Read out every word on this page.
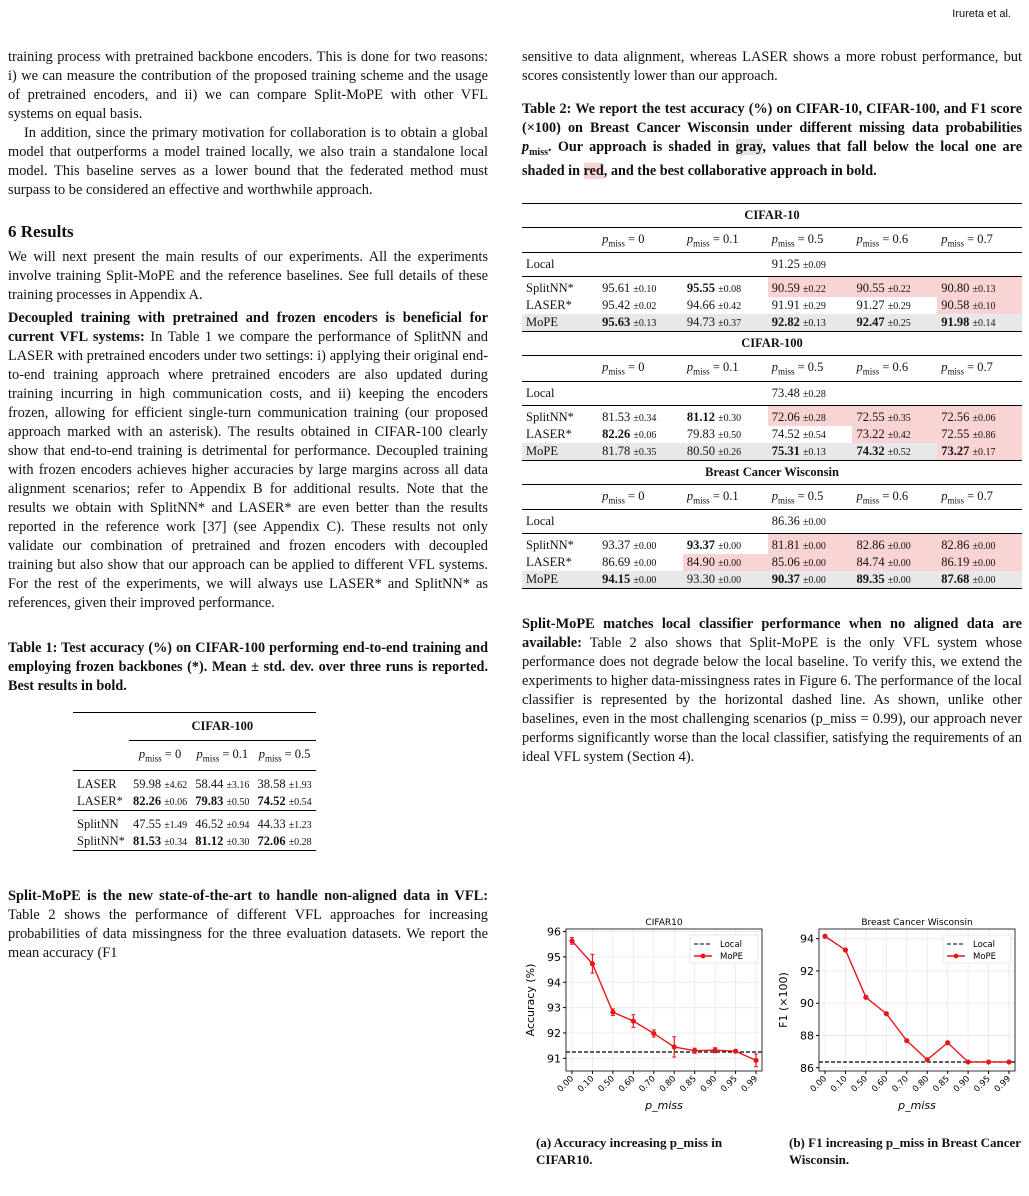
Irureta et al.

training process with pretrained backbone encoders. This is done for two reasons: i) we can measure the contribution of the proposed training scheme and the usage of pretrained encoders, and ii) we can compare Split-MoPE with other VFL systems on equal basis.

In addition, since the primary motivation for collaboration is to obtain a global model that outperforms a model trained locally, we also train a standalone local model. This baseline serves as a lower bound that the federated method must surpass to be considered an effective and worthwhile approach.

6 Results

We will next present the main results of our experiments. All the experiments involve training Split-MoPE and the reference baselines. See full details of these training processes in Appendix A.

Decoupled training with pretrained and frozen encoders is beneficial for current VFL systems: In Table 1 we compare the performance of SplitNN and LASER with pretrained encoders under two settings: i) applying their original end-to-end training approach where pretrained encoders are also updated during training incurring in high communication costs, and ii) keeping the encoders frozen, allowing for efficient single-turn communication training (our proposed approach marked with an asterisk). The results obtained in CIFAR-100 clearly show that end-to-end training is detrimental for performance. Decoupled training with frozen encoders achieves higher accuracies by large margins across all data alignment scenarios; refer to Appendix B for additional results. Note that the results we obtain with SplitNN* and LASER* are even better than the results reported in the reference work [37] (see Appendix C). These results not only validate our combination of pretrained and frozen encoders with decoupled training but also show that our approach can be applied to different VFL systems. For the rest of the experiments, we will always use LASER* and SplitNN* as references, given their improved performance.

Table 1: Test accuracy (%) on CIFAR-100 performing end-to-end training and employing frozen backbones (*). Mean ± std. dev. over three runs is reported. Best results in bold.
	CIFAR-100		
	$p_{miss} = 0$	$p_{miss} = 0.1$	$p_{miss} = 0.5$
LASER	59.98 ±4.62	58.44 ±3.16	38.58 ±1.93
LASER*	82.26 ±0.06	79.83 ±0.50	74.52 ±0.54
SplitNN	47.55 ±1.49	46.52 ±0.94	44.33 ±1.23
SplitNN*	81.53 ±0.34	81.12 ±0.30	72.06 ±0.28

Split-MoPE is the new state-of-the-art to handle non-aligned data in VFL: Table 2 shows the performance of different VFL approaches for increasing probabilities of data missingness for the three evaluation datasets. We report the mean accuracy (F1

sensitive to data alignment, whereas LASER shows a more robust performance, but scores consistently lower than our approach.

Table 2: We report the test accuracy (%) on CIFAR-10, CIFAR-100, and F1 score (×100) on Breast Cancer Wisconsin under different missing data probabilities $p_{miss}$. Our approach is shaded in gray, values that fall below the local one are shaded in red, and the best collaborative approach in bold.
CIFAR-10					
	$p_{miss} = 0$	$p_{miss} = 0.1$	$p_{miss} = 0.5$	$p_{miss} = 0.6$	$p_{miss} = 0.7$
Local			91.25 ±0.09		
SplitNN*	95.61 ±0.10	95.55 ±0.08	90.59 ±0.22	90.55 ±0.22	90.80 ±0.13
LASER*	95.42 ±0.02	94.66 ±0.42	91.91 ±0.29	91.27 ±0.29	90.58 ±0.10
MoPE	95.63 ±0.13	94.73 ±0.37	92.82 ±0.13	92.47 ±0.25	91.98 ±0.14
CIFAR-100					
	$p_{miss} = 0$	$p_{miss} = 0.1$	$p_{miss} = 0.5$	$p_{miss} = 0.6$	$p_{miss} = 0.7$
Local			73.48 ±0.28		
SplitNN*	81.53 ±0.34	81.12 ±0.30	72.06 ±0.28	72.55 ±0.35	72.56 ±0.06
LASER*	82.26 ±0.06	79.83 ±0.50	74.52 ±0.54	73.22 ±0.42	72.55 ±0.86
MoPE	81.78 ±0.35	80.50 ±0.26	75.31 ±0.13	74.32 ±0.52	73.27 ±0.17
Breast Cancer Wisconsin					
	$p_{miss} = 0$	$p_{miss} = 0.1$	$p_{miss} = 0.5$	$p_{miss} = 0.6$	$p_{miss} = 0.7$
Local			86.36 ±0.00		
SplitNN*	93.37 ±0.00	93.37 ±0.00	81.81 ±0.00	82.86 ±0.00	82.86 ±0.00
LASER*	86.69 ±0.00	84.90 ±0.00	85.06 ±0.00	84.74 ±0.00	86.19 ±0.00
MoPE	94.15 ±0.00	93.30 ±0.00	90.37 ±0.00	89.35 ±0.00	87.68 ±0.00

Split-MoPE matches local classifier performance when no aligned data are available: Table 2 also shows that Split-MoPE is the only VFL system whose performance does not degrade below the local baseline. To verify this, we extend the experiments to higher data-missingness rates in Figure 6. The performance of the local classifier is represented by the horizontal dashed line. As shown, unlike other baselines, even in the most challenging scenarios (p_miss = 0.99), our approach never performs significantly worse than the local classifier, satisfying the requirements of an ideal VFL system (Section 4).

91
92
93
94
95
96
0.00 0.10 0.50 0.60 0.70 0.80 0.85 0.90 0.95 0.99
CIFAR10
p_miss
Accuracy (%)
Local
MoPE
86
88
90
92
94
0.00 0.10 0.50 0.60 0.70 0.80 0.85 0.90 0.95 0.99
Breast Cancer Wisconsin
p_miss
F1 (×100)
Local
MoPE
(a) Accuracy increasing p_miss in CIFAR10.
(b) F1 increasing p_miss in Breast Cancer Wisconsin.
